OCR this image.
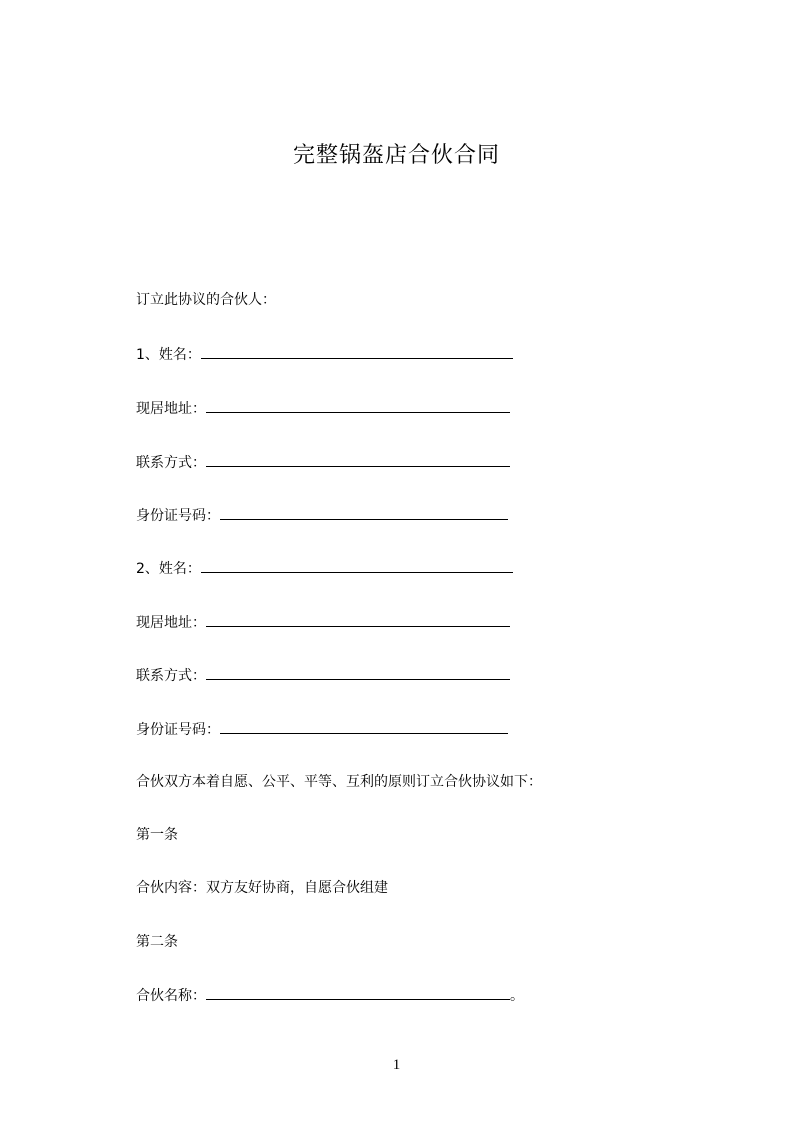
完整锅盔店合伙合同
订立此协议的合伙人：
1、姓名：
现居地址：
联系方式：
身份证号码：
2、姓名：
现居地址：
联系方式：
身份证号码：
合伙双方本着自愿、公平、平等、互利的原则订立合伙协议如下：
第一条
合伙内容：双方友好协商，自愿合伙组建
第二条
合伙名称：	。
1
